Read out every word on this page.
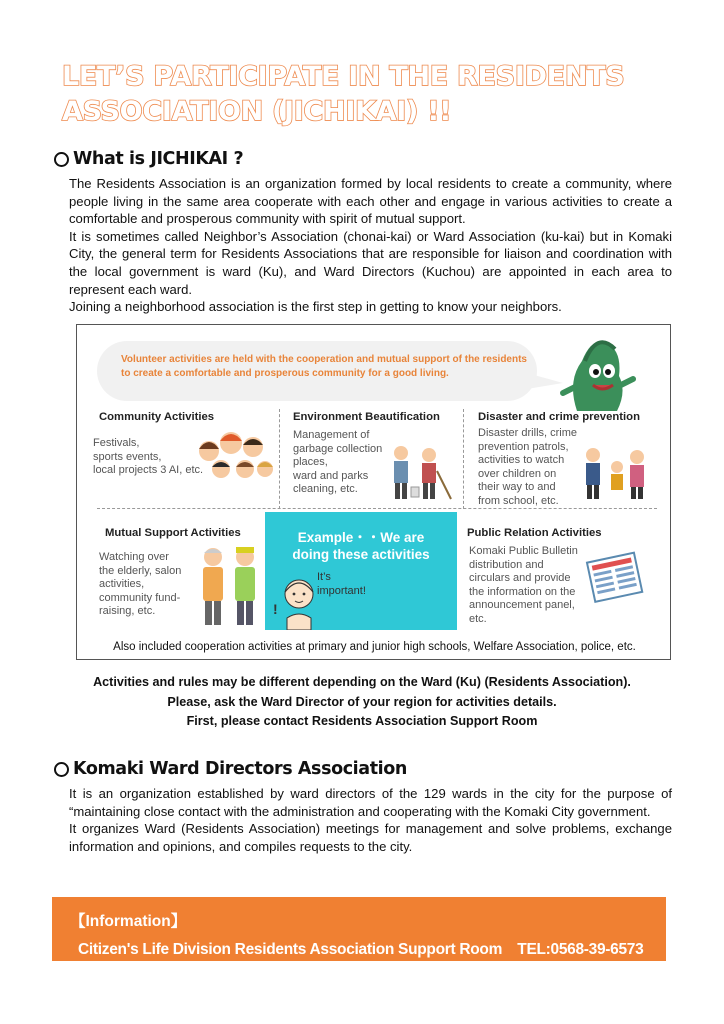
LET’S PARTICIPATE IN THE RESIDENTS
ASSOCIATION (JICHIKAI) !!
What is JICHIKAI ?

The Residents Association is an organization formed by local residents to create a community, where people living in the same area cooperate with each other and engage in various activities to create a comfortable and prosperous community with spirit of mutual support.

It is sometimes called Neighbor’s Association (chonai-kai) or Ward Association (ku-kai) but in Komaki City, the general term for Residents Associations that are responsible for liaison and coordination with the local government is ward (Ku), and Ward Directors (Kuchou) are appointed in each area to represent each ward.

Joining a neighborhood association is the first step in getting to know your neighbors.

Volunteer activities are held with the cooperation and mutual support of the residents to create a comfortable and prosperous community for a good living.
Community Activities
Festivals,
sports events,
local projects 3 AI, etc.
Environment Beautification
Management of
garbage collection
places,
ward and parks
cleaning, etc.
Disaster and crime prevention
Disaster drills, crime
prevention patrols,
activities to watch
over children on
their way to and
from school, etc.
Mutual Support Activities
Watching over
the elderly, salon
activities,
community fund-
raising, etc.
Example・・We are
doing these activities
!
It’s
important!
Public Relation Activities
Komaki Public Bulletin
distribution and
circulars and provide
the information on the
announcement panel,
etc.
Also included cooperation activities at primary and junior high schools, Welfare Association, police, etc.
Activities and rules may be different depending on the Ward (Ku) (Residents Association).
Please, ask the Ward Director of your region for activities details.
First, please contact Residents Association Support Room
Komaki Ward Directors Association

It is an organization established by ward directors of the 129 wards in the city for the purpose of “maintaining close contact with the administration and cooperating with the Komaki City government.

It organizes Ward (Residents Association) meetings for management and solve problems, exchange information and opinions, and compiles requests to the city.

【Information】
Citizen's Life Division Residents Association Support Room　TEL:0568-39-6573
